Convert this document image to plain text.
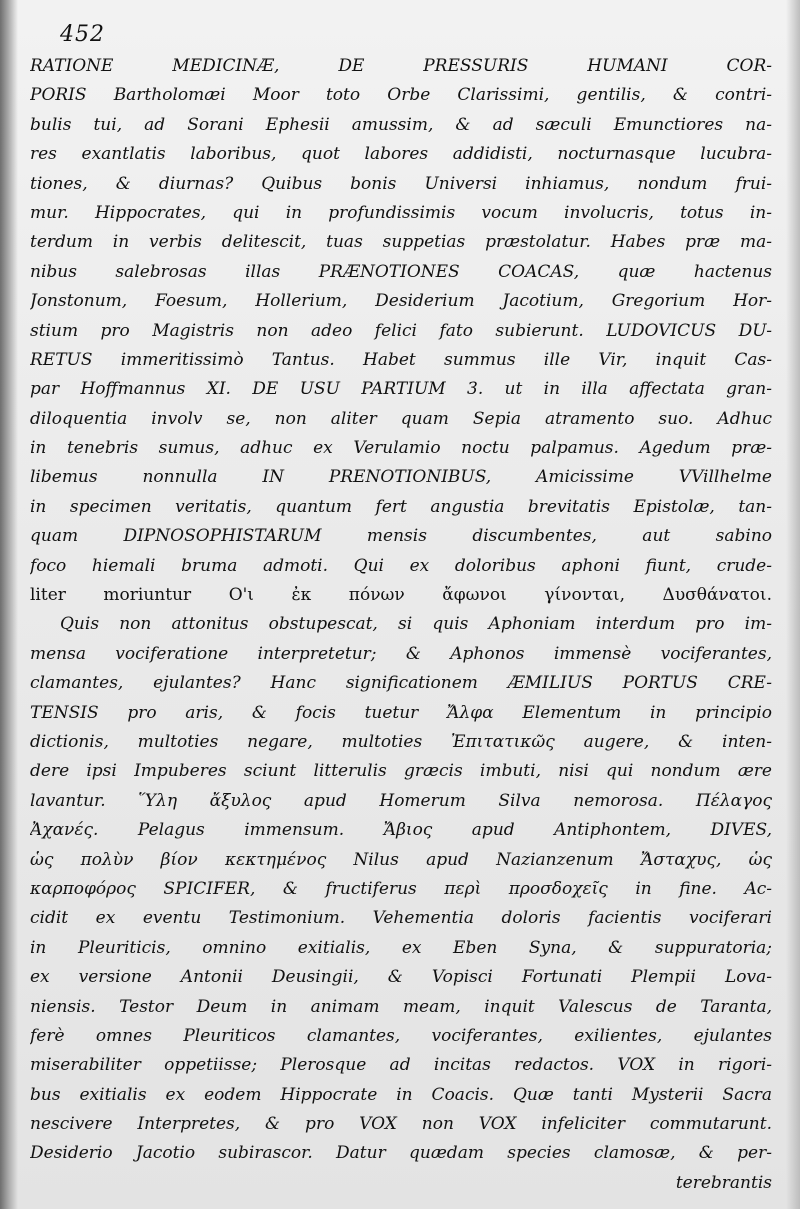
452
RATIONE MEDICINÆ, DE PRESSURIS HUMANI COR-
PORIS Bartholomæi Moor toto Orbe Clarissimi, gentilis, & contri-
bulis tui, ad Sorani Ephesii amussim, & ad sæculi Emunctiores na-
res exantlatis laboribus, quot labores addidisti, nocturnasque lucubra-
tiones, & diurnas? Quibus bonis Universi inhiamus, nondum frui-
mur. Hippocrates, qui in profundissimis vocum involucris, totus in-
terdum in verbis delitescit, tuas suppetias præstolatur. Habes præ ma-
nibus salebrosas illas PRÆNOTIONES COACAS, quæ hactenus
Jonstonum, Foesum, Hollerium, Desiderium Jacotium, Gregorium Hor-
stium pro Magistris non adeo felici fato subierunt. LUDOVICUS DU-
RETUS immeritissimò Tantus. Habet summus ille Vir, inquit Cas-
par Hoffmannus XI. DE USU PARTIUM 3. ut in illa affectata gran-
diloquentia involv se, non aliter quam Sepia atramento suo. Adhuc
in tenebris sumus, adhuc ex Verulamio noctu palpamus. Agedum præ-
libemus nonnulla IN PRENOTIONIBUS, Amicissime VVillhelme
in specimen veritatis, quantum fert angustia brevitatis Epistolæ, tan-
quam DIPNOSOPHISTARUM mensis discumbentes, aut sabino
foco hiemali bruma admoti. Qui ex doloribus aphoni fiunt, crude-
liter moriuntur Ο'ι ἐκ πόνων ἄφωνοι γίνονται, Δυσθάνατοι.
Quis non attonitus obstupescat, si quis Aphoniam interdum pro im-
mensa vociferatione interpretetur; & Aphonos immensè vociferantes,
clamantes, ejulantes? Hanc significationem ÆMILIUS PORTUS CRE-
TENSIS pro aris, & focis tuetur Ἄλφα Elementum in principio
dictionis, multoties negare, multoties Ἐπιτατικῶς augere, & inten-
dere ipsi Impuberes sciunt litterulis græcis imbuti, nisi qui nondum ære
lavantur. Ὕλη ἄξυλος apud Homerum Silva nemorosa. Πέλαγος
Ἀχανές. Pelagus immensum. Ἄβιος apud Antiphontem, DIVES,
ὡς πολὺν βίον κεκτημένος Nilus apud Nazianzenum Ἄσταχυς, ὡς
καρποφόρος SPICIFER, & fructiferus περὶ προσδοχεῖς in fine. Ac-
cidit ex eventu Testimonium. Vehementia doloris facientis vociferari
in Pleuriticis, omnino exitialis, ex Eben Syna, & suppuratoria;
ex versione Antonii Deusingii, & Vopisci Fortunati Plempii Lova-
niensis. Testor Deum in animam meam, inquit Valescus de Taranta,
ferè omnes Pleuriticos clamantes, vociferantes, exilientes, ejulantes
miserabiliter oppetiisse; Plerosque ad incitas redactos. VOX in rigori-
bus exitialis ex eodem Hippocrate in Coacis. Quæ tanti Mysterii Sacra
nescivere Interpretes, & pro VOX non VOX infeliciter commutarunt.
Desiderio Jacotio subirascor. Datur quædam species clamosæ, & per-
terebrantis
